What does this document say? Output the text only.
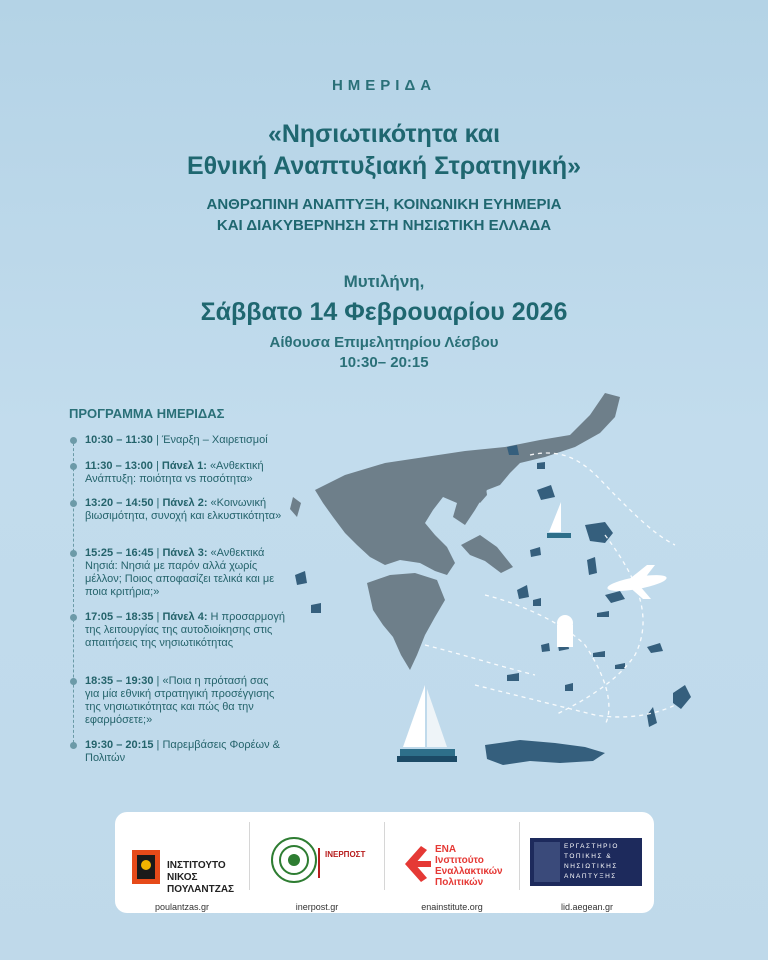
ΗΜΕΡΙΔΑ
«Νησιωτικότητα και
Εθνική Αναπτυξιακή Στρατηγική»
ΑΝΘΡΩΠΙΝΗ ΑΝΑΠΤΥΞΗ, ΚΟΙΝΩΝΙΚΗ ΕΥΗΜΕΡΙΑ
ΚΑΙ ΔΙΑΚΥΒΕΡΝΗΣΗ ΣΤΗ ΝΗΣΙΩΤΙΚΗ ΕΛΛΑΔΑ
Μυτιλήνη,
Σάββατο 14 Φεβρουαρίου 2026
Αίθουσα Επιμελητηρίου Λέσβου
10:30– 20:15
ΠΡΟΓΡΑΜΜΑ ΗΜΕΡΙΔΑΣ
10:30 – 11:30 | Έναρξη – Χαιρετισμοί
11:30 – 13:00 | Πάνελ 1: «Ανθεκτική Ανάπτυξη: ποιότητα vs ποσότητα»
13:20 – 14:50 | Πάνελ 2: «Κοινωνική βιωσιμότητα, συνοχή και ελκυστικότητα»
15:25 – 16:45 | Πάνελ 3: «Ανθεκτικά Νησιά: Νησιά με παρόν αλλά χωρίς μέλλον; Ποιος αποφασίζει τελικά και με ποια κριτήρια;»
17:05 – 18:35 | Πάνελ 4: Η προσαρμογή της λειτουργίας της αυτοδιοίκησης στις απαιτήσεις της νησιωτικότητας
18:35 – 19:30 | «Ποια η πρότασή σας για μία εθνική στρατηγική προσέγγισης της νησιωτικότητας και πώς θα την εφαρμόσετε;»
19:30 – 20:15 | Παρεμβάσεις Φορέων & Πολιτών
ΙΝΣΤΙΤΟΥΤΟ
ΝΙΚΟΣ ΠΟΥΛΑΝΤΖΑΣ
poulantzas.gr
ΙΝΕΡΠΟΣΤ
inerpost.gr
ΕΝΑ
Ινστιτούτο
Εναλλακτικών
Πολιτικών
enainstitute.org
ΕΡΓΑΣΤΗΡΙΟ
ΤΟΠΙΚΗΣ &
ΝΗΣΙΩΤΙΚΗΣ
ΑΝΑΠΤΥΞΗΣ
lid.aegean.gr
